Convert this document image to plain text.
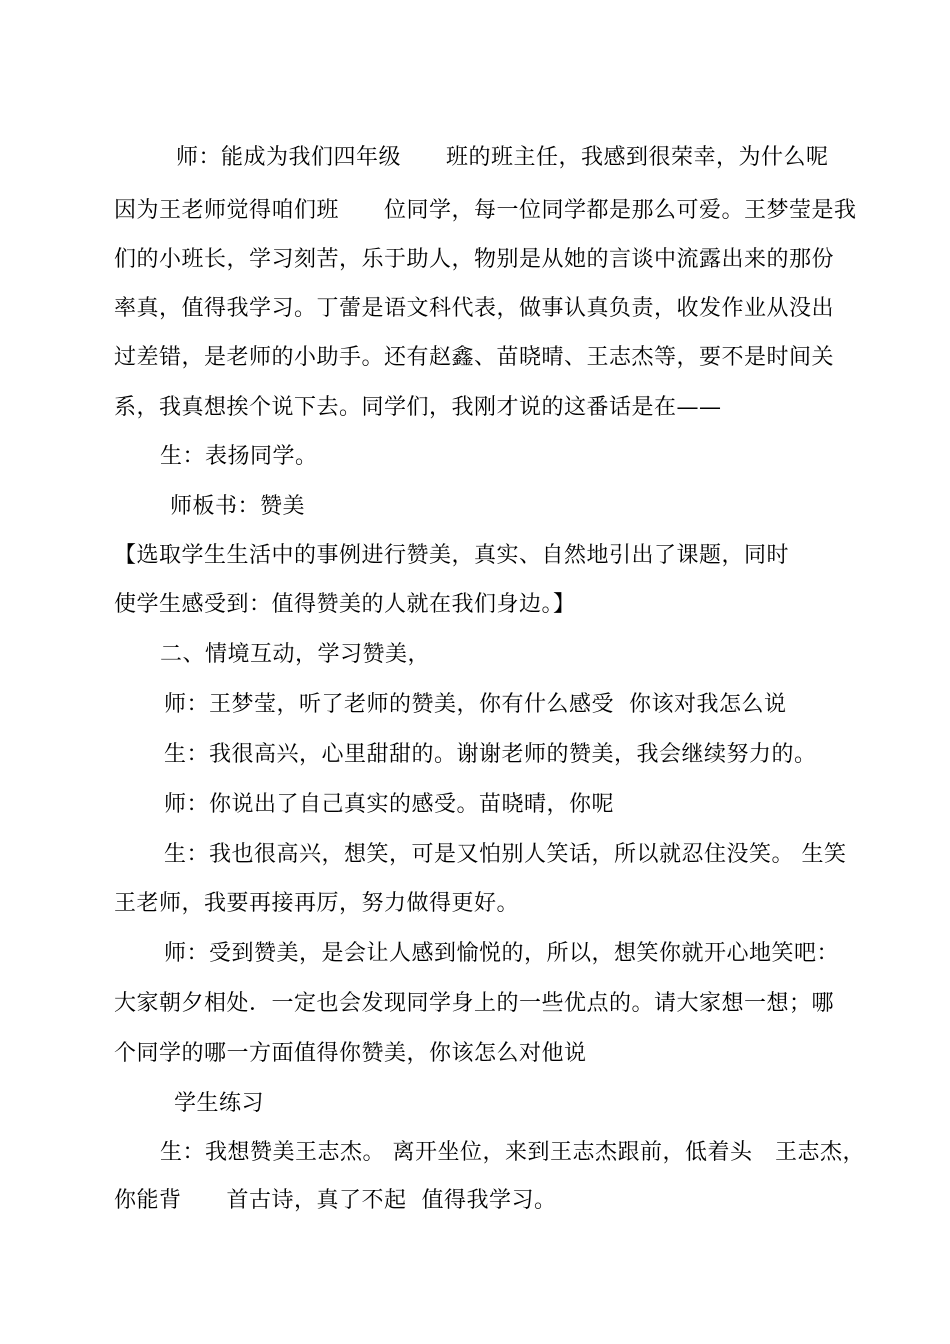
师：能成为我们四年级　　班的班主任，我感到很荣幸，为什么呢
因为王老师觉得咱们班　　位同学，每一位同学都是那么可爱。王梦莹是我
们的小班长，学习刻苦，乐于助人，物别是从她的言谈中流露出来的那份
率真，值得我学习。丁蕾是语文科代表，做事认真负责，收发作业从没出
过差错，是老师的小助手。还有赵鑫、苗晓晴、王志杰等，要不是时间关
系，我真想挨个说下去。同学们，我刚才说的这番话是在——
生：表扬同学。
师板书：赞美
【选取学生生活中的事例进行赞美，真实、自然地引出了课题，同时
使学生感受到：值得赞美的人就在我们身边。】
二、情境互动，学习赞美，
师：王梦莹，听了老师的赞美，你有什么感受  你该对我怎么说
生：我很高兴，心里甜甜的。谢谢老师的赞美，我会继续努力的。
师：你说出了自己真实的感受。苗晓晴，你呢
生：我也很高兴，想笑，可是又怕别人笑话，所以就忍住没笑。 生笑
王老师，我要再接再厉，努力做得更好。
师：受到赞美，是会让人感到愉悦的，所以，想笑你就开心地笑吧：
大家朝夕相处．一定也会发现同学身上的一些优点的。请大家想一想；哪
个同学的哪一方面值得你赞美，你该怎么对他说
学生练习
生：我想赞美王志杰。 离开坐位，来到王志杰跟前，低着头　王志杰，
你能背　　首古诗，真了不起  值得我学习。
